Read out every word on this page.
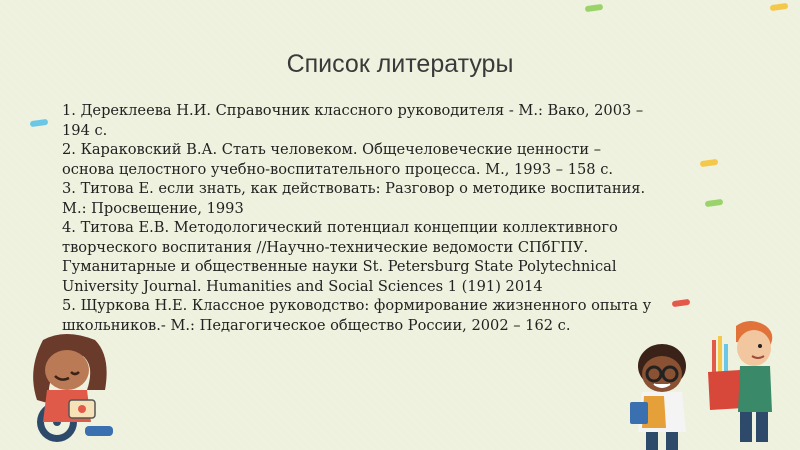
Список литературы
1. Дереклеева Н.И. Справочник классного руководителя - М.: Вако, 2003 –
194 с.
2. Караковский В.А. Стать человеком. Общечеловеческие ценности –
основа целостного учебно-воспитательного процесса. М., 1993 – 158 с.
3. Титова Е. если знать, как действовать: Разговор о методике воспитания.
М.: Просвещение, 1993
4. Титова Е.В. Методологический потенциал концепции коллективного
творческого воспитания //Научно-технические ведомости СПбГПУ.
Гуманитарные и общественные науки St. Petersburg State Polytechnical
University Journal. Humanities and Social Sciences 1 (191) 2014
5. Щуркова Н.Е. Классное руководство: формирование жизненного опыта у
школьников.- М.: Педагогическое общество России, 2002 – 162 с.
